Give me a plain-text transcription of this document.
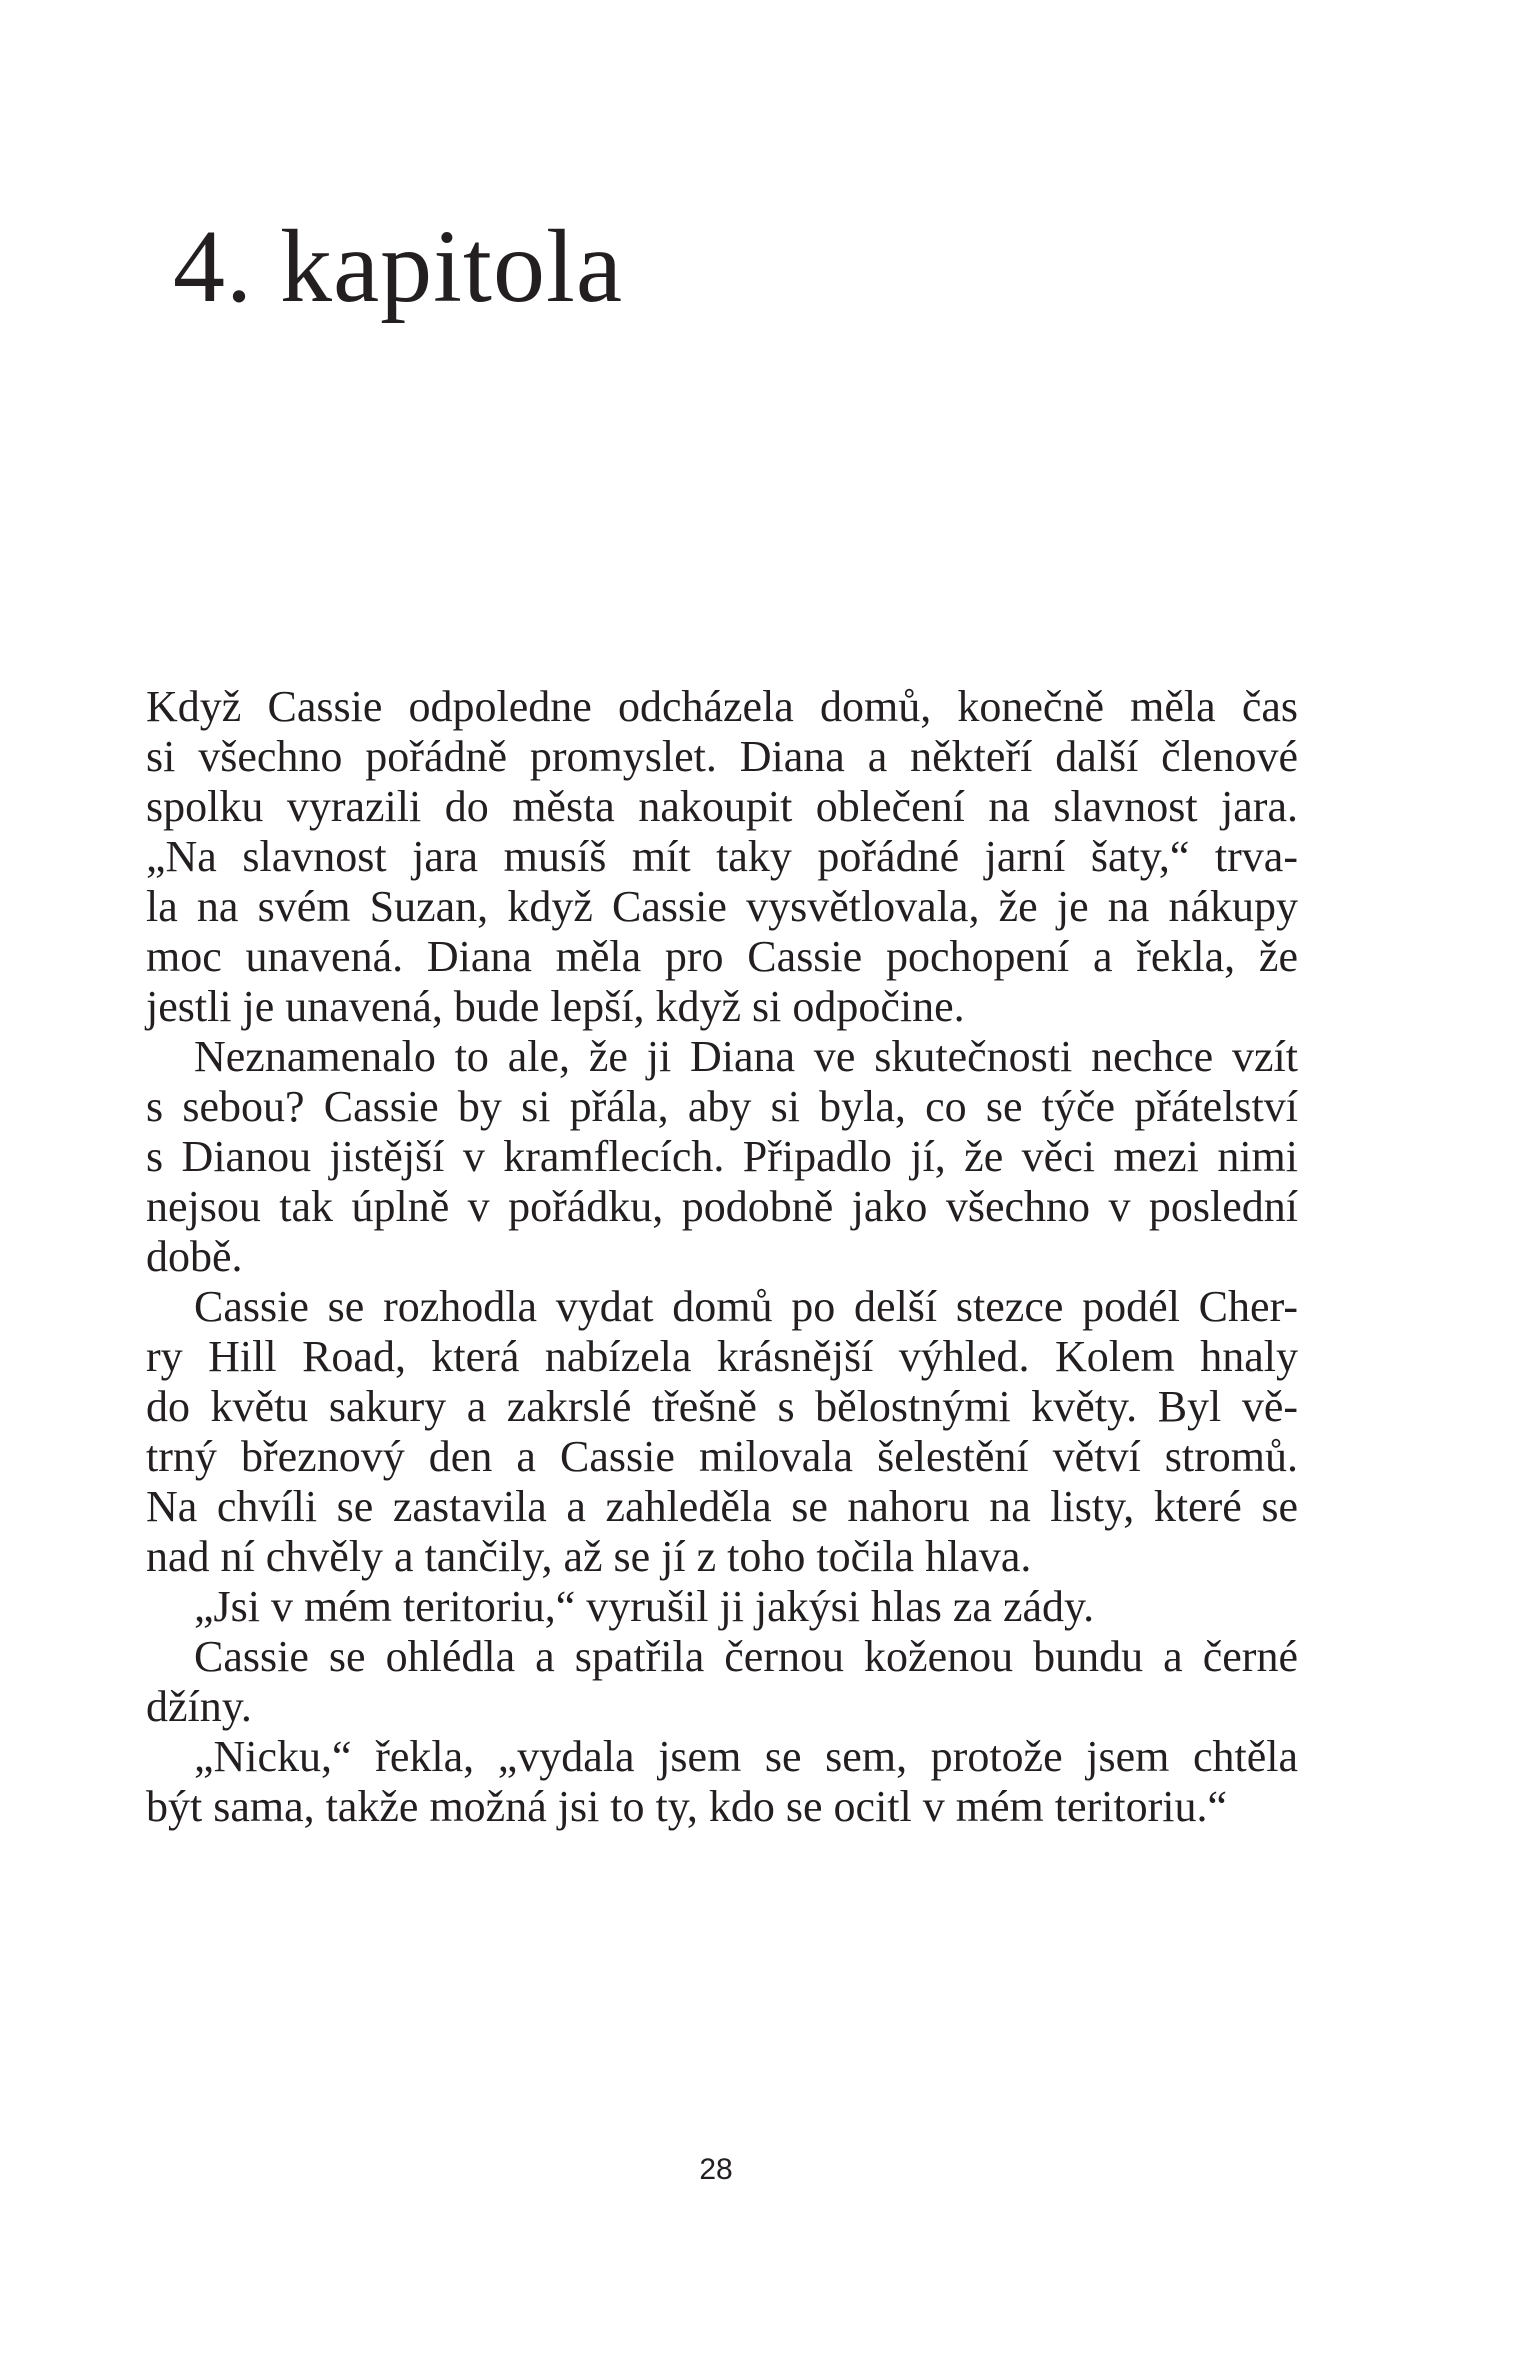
4. kapitola
Když Cassie odpoledne odcházela domů, konečně měla čas
si všechno pořádně promyslet. Diana a někteří další členové
spolku vyrazili do města nakoupit oblečení na slavnost jara.
„Na slavnost jara musíš mít taky pořádné jarní šaty,“ trva-
la na svém Suzan, když Cassie vysvětlovala, že je na nákupy
moc unavená. Diana měla pro Cassie pochopení a řekla, že
jestli je unavená, bude lepší, když si odpočine.
Neznamenalo to ale, že ji Diana ve skutečnosti nechce vzít
s sebou? Cassie by si přála, aby si byla, co se týče přátelství
s Dianou jistější v kramflecích. Připadlo jí, že věci mezi nimi
nejsou tak úplně v pořádku, podobně jako všechno v poslední
době.
Cassie se rozhodla vydat domů po delší stezce podél Cher-
ry Hill Road, která nabízela krásnější výhled. Kolem hnaly
do květu sakury a zakrslé třešně s bělostnými květy. Byl vě-
trný březnový den a Cassie milovala šelestění větví stromů.
Na chvíli se zastavila a zahleděla se nahoru na listy, které se
nad ní chvěly a tančily, až se jí z toho točila hlava.
„Jsi v mém teritoriu,“ vyrušil ji jakýsi hlas za zády.
Cassie se ohlédla a spatřila černou koženou bundu a černé
džíny.
„Nicku,“ řekla, „vydala jsem se sem, protože jsem chtěla
být sama, takže možná jsi to ty, kdo se ocitl v mém teritoriu.“
28
